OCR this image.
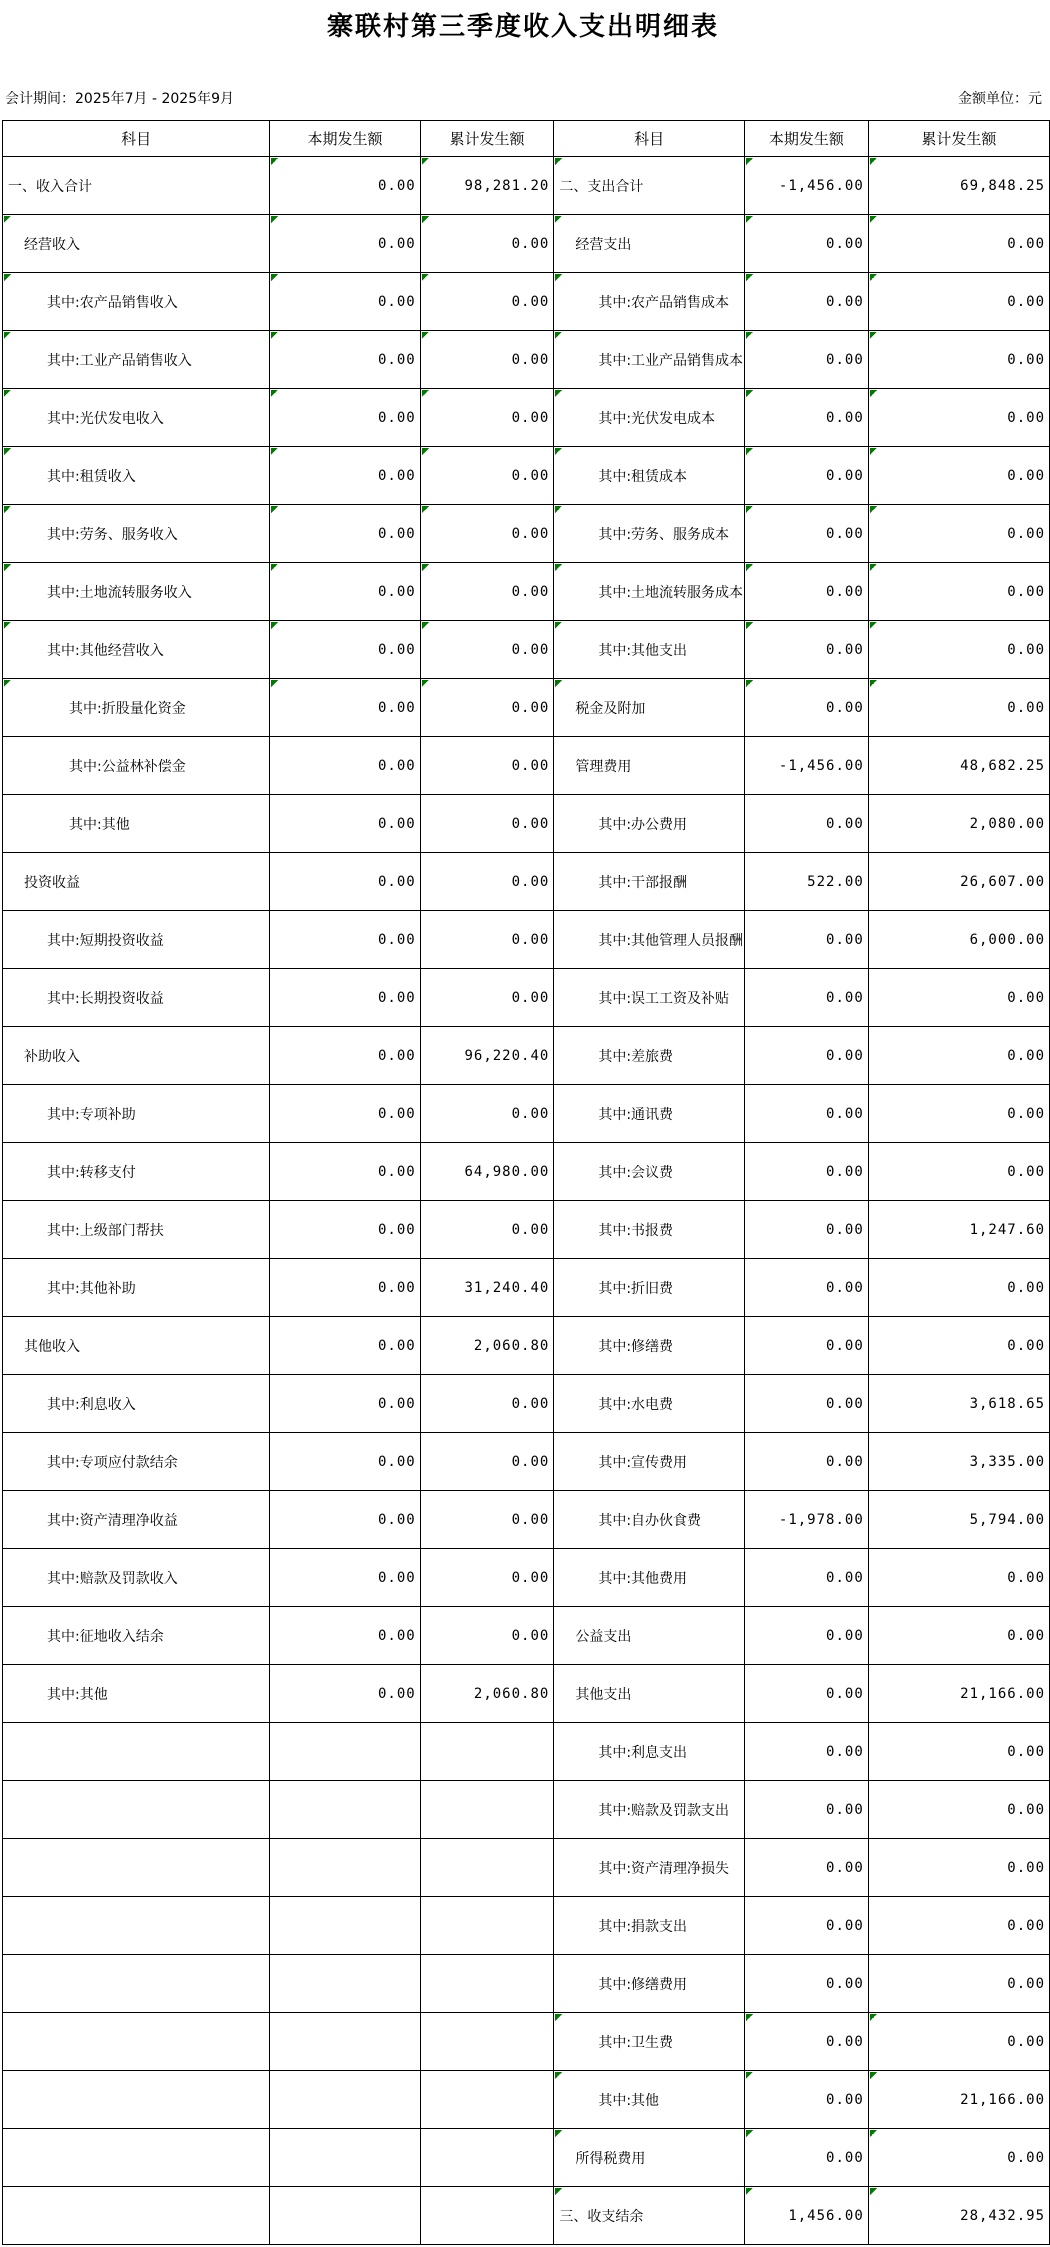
寨联村第三季度收入支出明细表
会计期间：2025年7月 - 2025年9月	金额单位：元
科目	本期发生额	累计发生额	科目	本期发生额	累计发生额
一、收入合计	0.00	98,281.20	二、支出合计	-1,456.00	69,848.25
经营收入	0.00	0.00	经营支出	0.00	0.00
其中:农产品销售收入	0.00	0.00	其中:农产品销售成本	0.00	0.00
其中:工业产品销售收入	0.00	0.00	其中:工业产品销售成本	0.00	0.00
其中:光伏发电收入	0.00	0.00	其中:光伏发电成本	0.00	0.00
其中:租赁收入	0.00	0.00	其中:租赁成本	0.00	0.00
其中:劳务、服务收入	0.00	0.00	其中:劳务、服务成本	0.00	0.00
其中:土地流转服务收入	0.00	0.00	其中:土地流转服务成本	0.00	0.00
其中:其他经营收入	0.00	0.00	其中:其他支出	0.00	0.00
其中:折股量化资金	0.00	0.00	税金及附加	0.00	0.00
其中:公益林补偿金	0.00	0.00	管理费用	-1,456.00	48,682.25
其中:其他	0.00	0.00	其中:办公费用	0.00	2,080.00
投资收益	0.00	0.00	其中:干部报酬	522.00	26,607.00
其中:短期投资收益	0.00	0.00	其中:其他管理人员报酬	0.00	6,000.00
其中:长期投资收益	0.00	0.00	其中:误工工资及补贴	0.00	0.00
补助收入	0.00	96,220.40	其中:差旅费	0.00	0.00
其中:专项补助	0.00	0.00	其中:通讯费	0.00	0.00
其中:转移支付	0.00	64,980.00	其中:会议费	0.00	0.00
其中:上级部门帮扶	0.00	0.00	其中:书报费	0.00	1,247.60
其中:其他补助	0.00	31,240.40	其中:折旧费	0.00	0.00
其他收入	0.00	2,060.80	其中:修缮费	0.00	0.00
其中:利息收入	0.00	0.00	其中:水电费	0.00	3,618.65
其中:专项应付款结余	0.00	0.00	其中:宣传费用	0.00	3,335.00
其中:资产清理净收益	0.00	0.00	其中:自办伙食费	-1,978.00	5,794.00
其中:赔款及罚款收入	0.00	0.00	其中:其他费用	0.00	0.00
其中:征地收入结余	0.00	0.00	公益支出	0.00	0.00
其中:其他	0.00	2,060.80	其他支出	0.00	21,166.00
			其中:利息支出	0.00	0.00
			其中:赔款及罚款支出	0.00	0.00
			其中:资产清理净损失	0.00	0.00
			其中:捐款支出	0.00	0.00
			其中:修缮费用	0.00	0.00
			其中:卫生费	0.00	0.00
			其中:其他	0.00	21,166.00
			所得税费用	0.00	0.00
			三、收支结余	1,456.00	28,432.95
